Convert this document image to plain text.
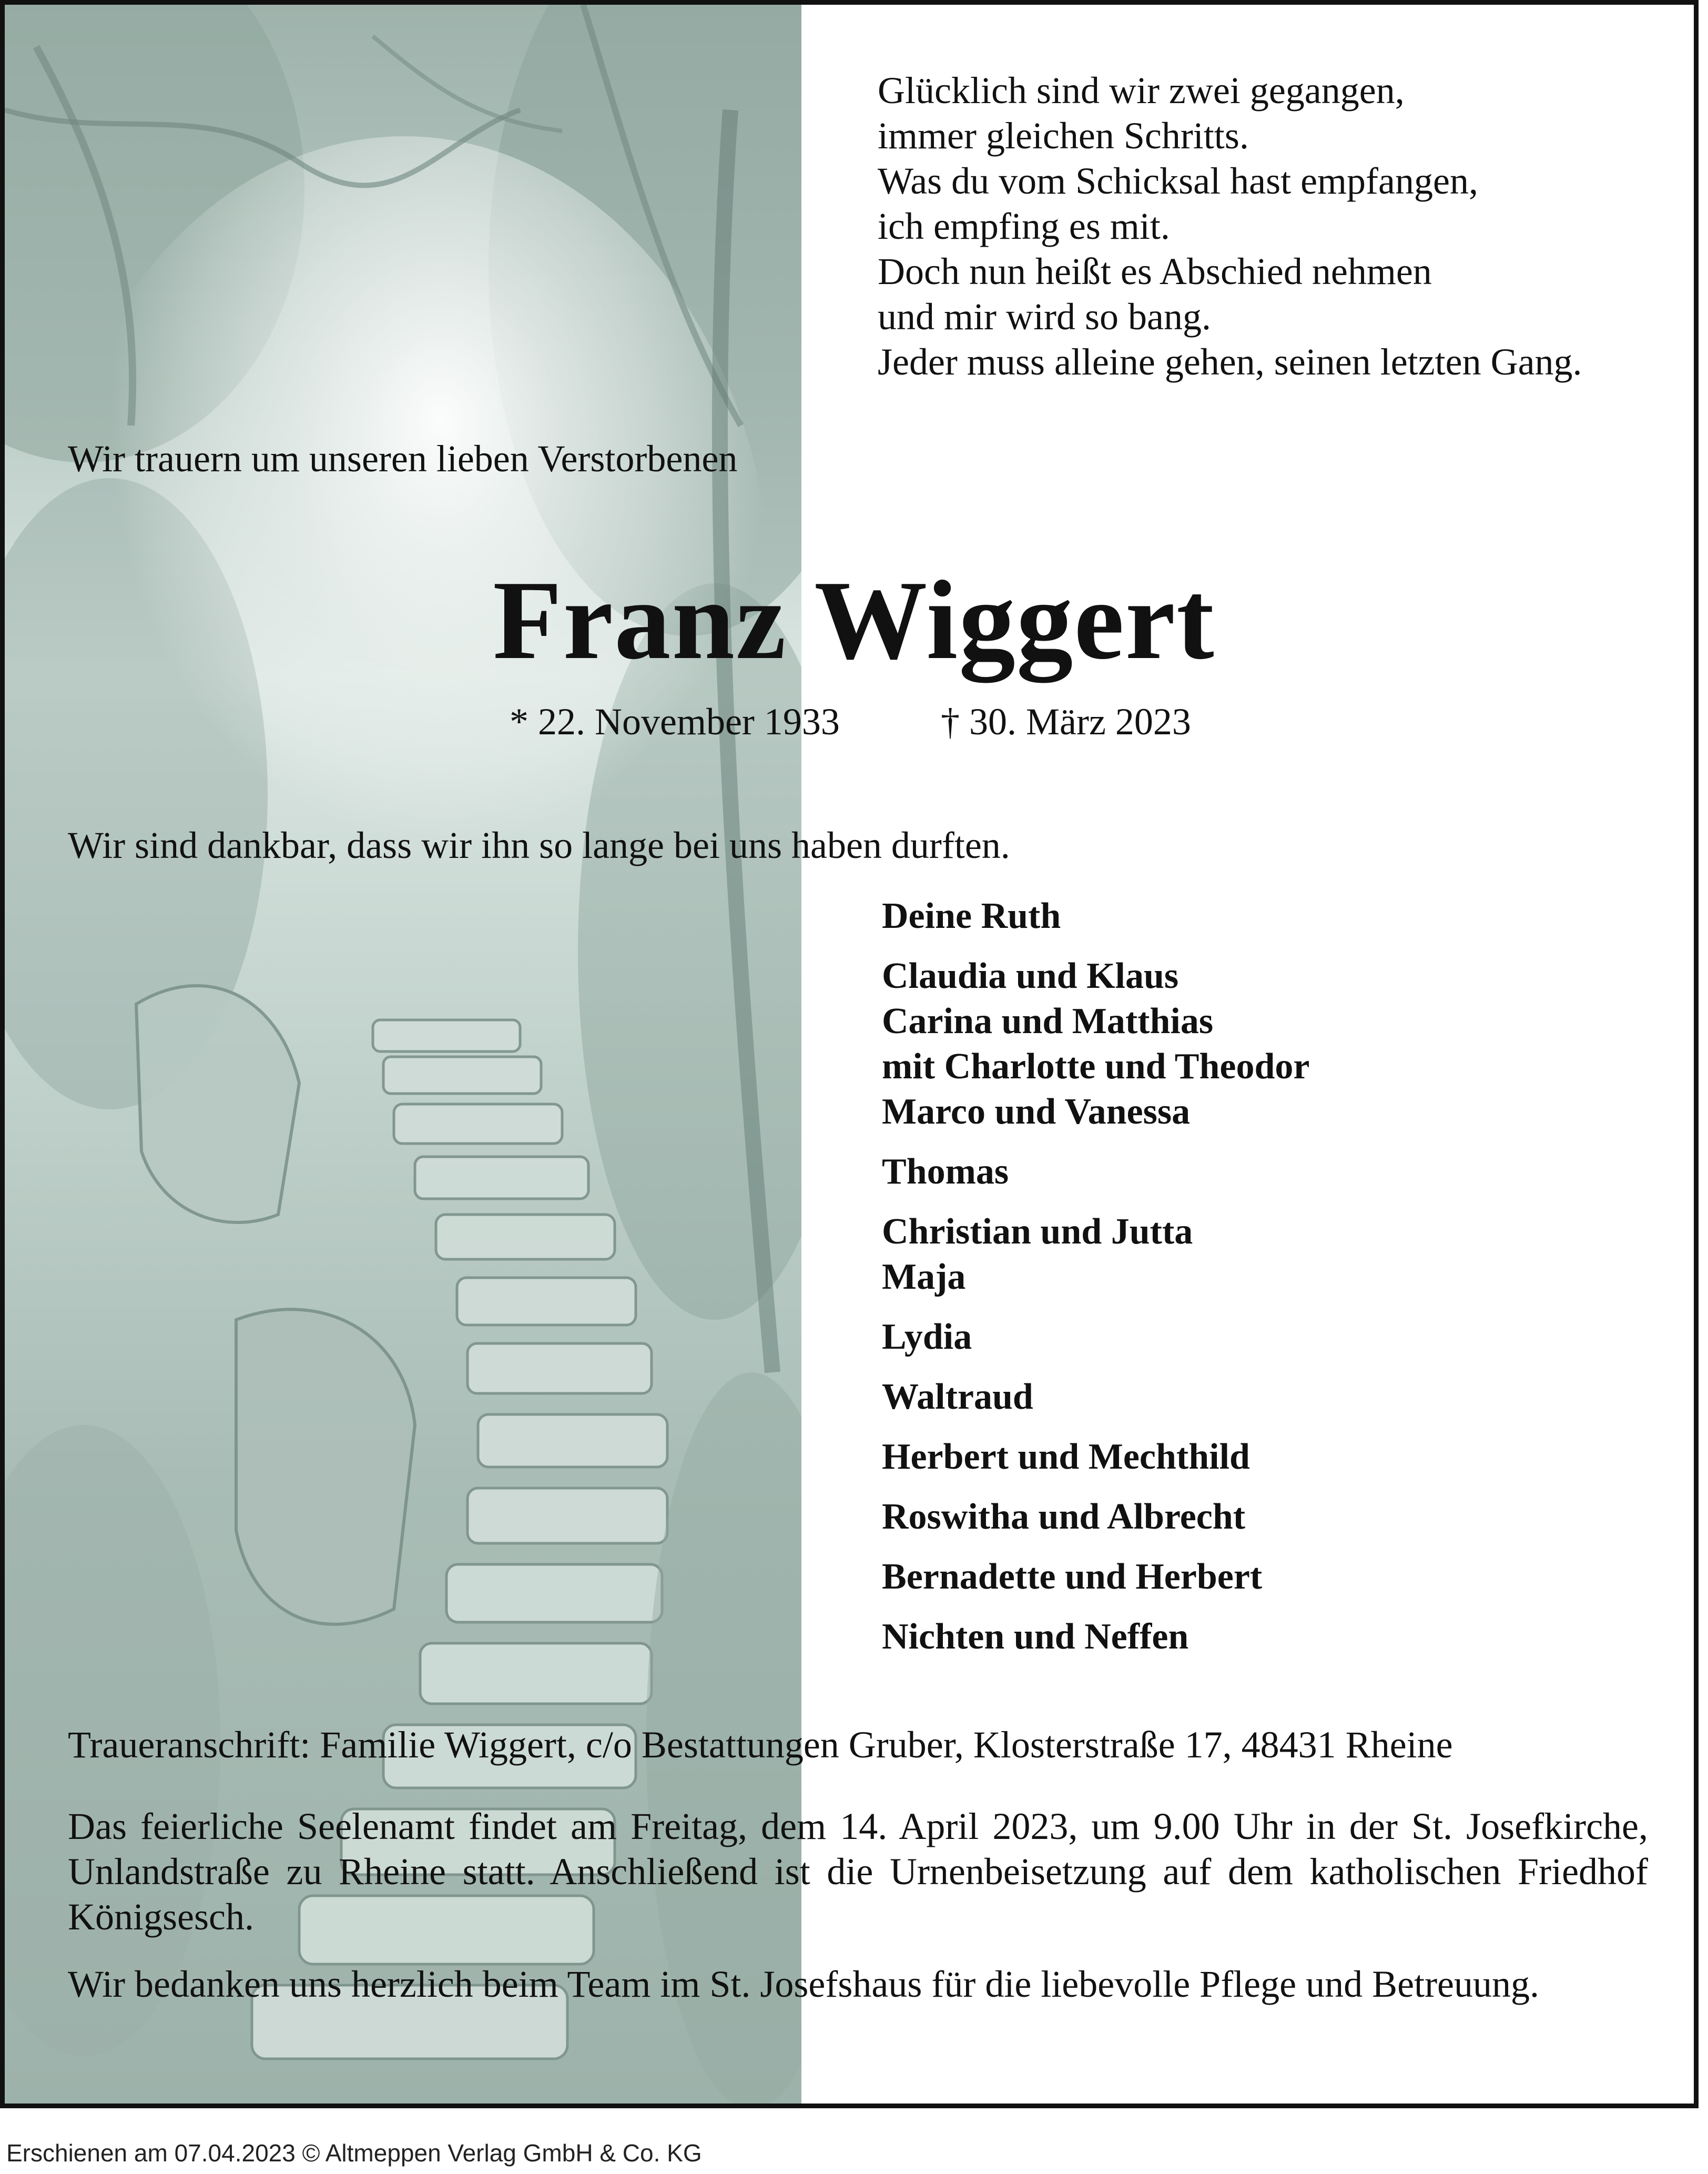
Glücklich sind wir zwei gegangen,
immer gleichen Schritts.
Was du vom Schicksal hast empfangen,
ich empfing es mit.
Doch nun heißt es Abschied nehmen
und mir wird so bang.
Jeder muss alleine gehen, seinen letzten Gang.

Wir trauern um unseren lieben Verstorbenen

Franz Wiggert

* 22. November 1933	† 30. März 2023

Wir sind dankbar, dass wir ihn so lange bei uns haben durften.

Deine Ruth
Claudia und Klaus
Carina und Matthias
mit Charlotte und Theodor
Marco und Vanessa
Thomas
Christian und Jutta
Maja
Lydia
Waltraud
Herbert und Mechthild
Roswitha und Albrecht
Bernadette und Herbert
Nichten und Neffen

Traueranschrift: Familie Wiggert, c/o Bestattungen Gruber, Klosterstraße 17, 48431 Rheine

Das feierliche Seelenamt findet am Freitag, dem 14. April 2023, um 9.00 Uhr in der St. Josefkirche, Unlandstraße zu Rheine statt. Anschließend ist die Urnenbeisetzung auf dem katholischen Friedhof Königsesch.

Wir bedanken uns herzlich beim Team im St. Josefshaus für die liebevolle Pflege und Betreuung.

Erschienen am 07.04.2023 © Altmeppen Verlag GmbH & Co. KG
